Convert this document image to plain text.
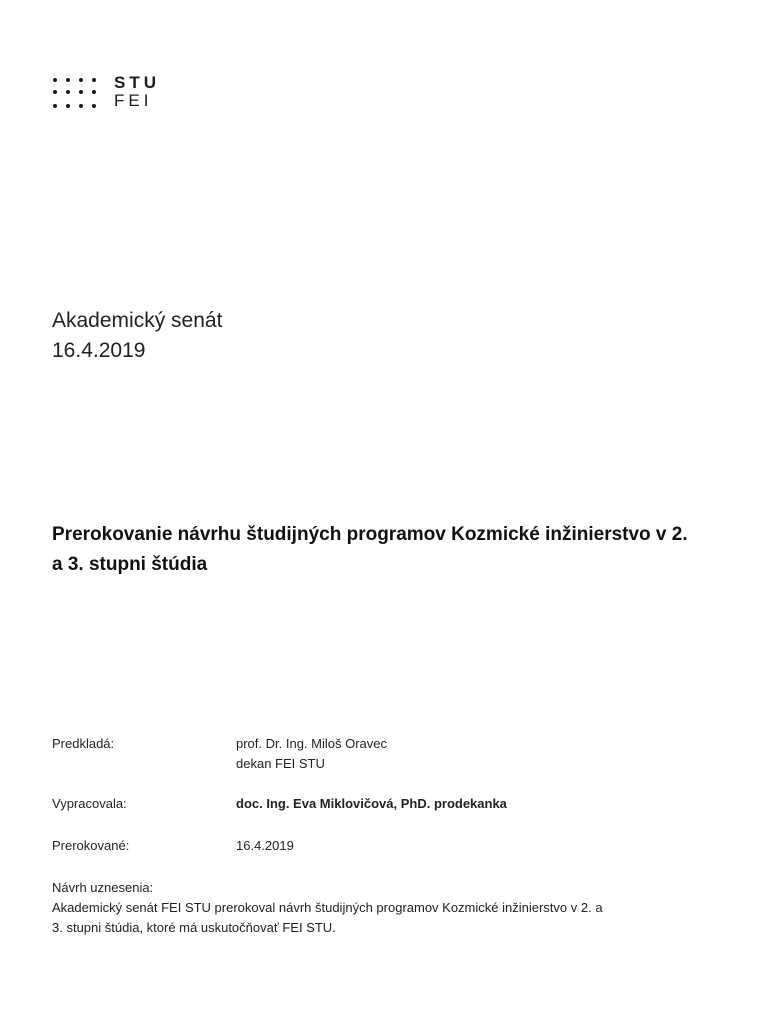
STU
FEI
Akademický senát
16.4.2019
Prerokovanie návrhu študijných programov Kozmické inžinierstvo v 2. a 3. stupni štúdia
Predkladá:	prof. Dr. Ing. Miloš Oravec
dekan FEI STU
Vypracovala:	doc. Ing. Eva Miklovičová, PhD. prodekanka
Prerokované:	16.4.2019
Návrh uznesenia:
Akademický senát FEI STU prerokoval návrh študijných programov Kozmické inžinierstvo v 2. a
3. stupni štúdia, ktoré má uskutočňovať FEI STU.
